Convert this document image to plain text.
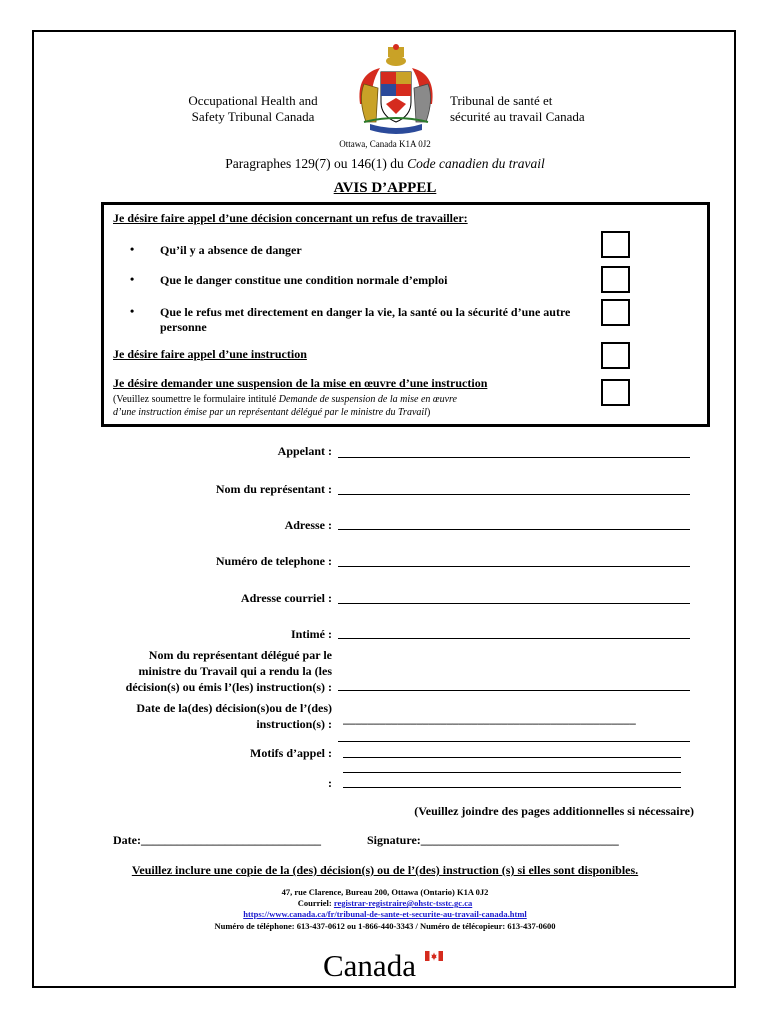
Occupational Health and
Safety Tribunal Canada
Tribunal de santé et
sécurité au travail Canada
Ottawa, Canada K1A 0J2
Paragraphes 129(7) ou 146(1) du Code canadien du travail
AVIS D’APPEL
Je désire faire appel d’une décision concernant un refus de travailler:
• Qu’il y a absence de danger
• Que le danger constitue une condition normale d’emploi
• Que le refus met directement en danger la vie, la santé ou la sécurité d’une autre
personne
Je désire faire appel d’une instruction
Je désire demander une suspension de la mise en œuvre d’une instruction
(Veuillez soumettre le formulaire intitulé Demande de suspension de la mise en œuvre
d’une instruction émise par un représentant délégué par le ministre du Travail)
Appelant :
Nom du représentant :
Adresse :
Numéro de telephone :
Adresse courriel :
Intimé :
Nom du représentant délégué par le
ministre du Travail qui a rendu la (les
décision(s) ou émis l’(les) instruction(s) :
Date de la(des) décision(s)ou de l’(des)
instruction(s) : ________________________________________________
Motifs d’appel :
:
(Veuillez joindre des pages additionnelles si nécessaire)
Date:______________________________	Signature:_________________________________
Veuillez inclure une copie de la (des) décision(s) ou de l’(des) instruction (s) si elles sont disponibles.
47, rue Clarence, Bureau 200, Ottawa (Ontario) K1A 0J2
Courriel: registrar-registraire@ohstc-tsstc.gc.ca
https://www.canada.ca/fr/tribunal-de-sante-et-securite-au-travail-canada.html
Numéro de téléphone: 613-437-0612 ou 1-866-440-3343 / Numéro de télécopieur: 613-437-0600
Canada
